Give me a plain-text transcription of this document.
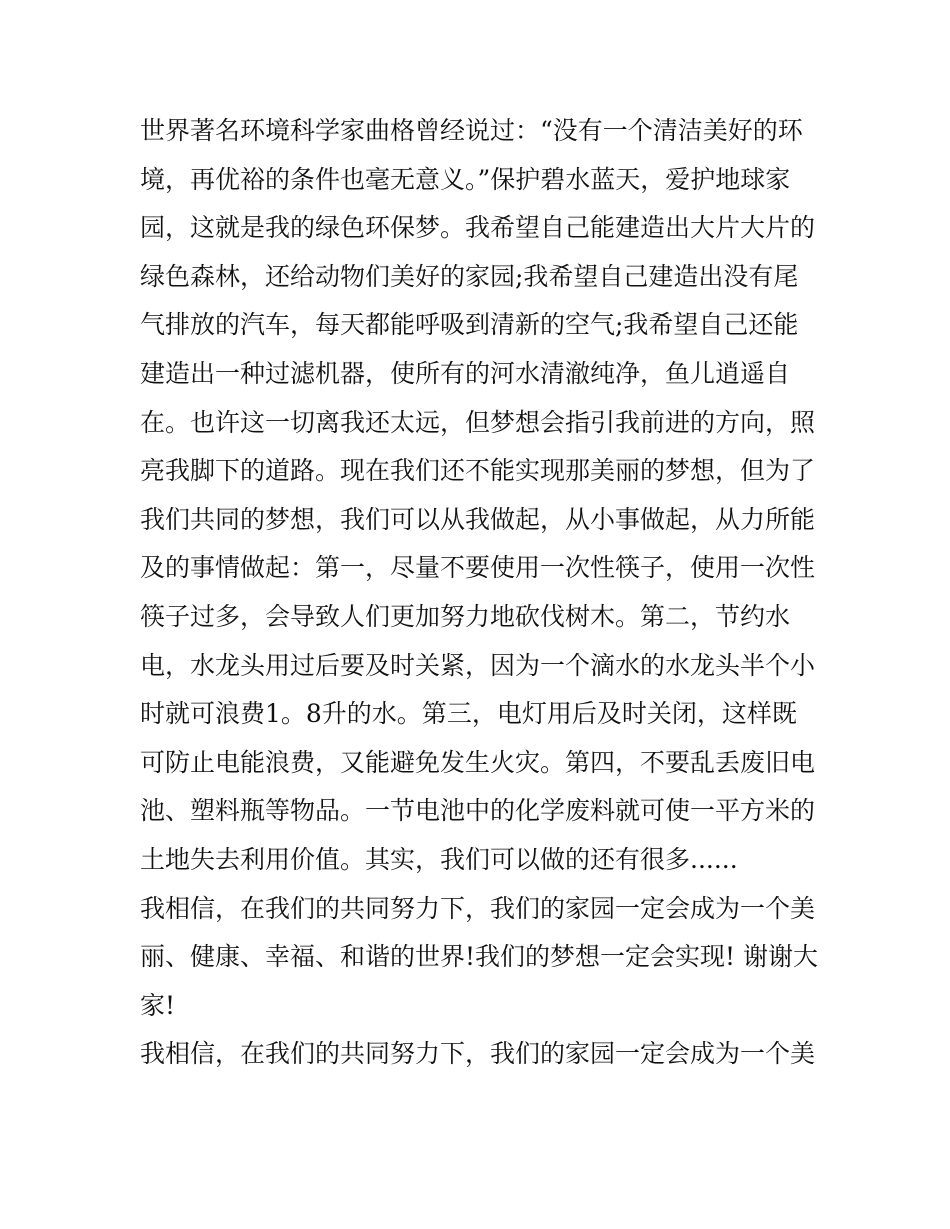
世界著名环境科学家曲格曾经说过：“没有一个清洁美好的环
境，再优裕的条件也毫无意义。”保护碧水蓝天，爱护地球家
园，这就是我的绿色环保梦。我希望自己能建造出大片大片的
绿色森林，还给动物们美好的家园;我希望自己建造出没有尾
气排放的汽车，每天都能呼吸到清新的空气;我希望自己还能
建造出一种过滤机器，使所有的河水清澈纯净，鱼儿逍遥自
在。也许这一切离我还太远，但梦想会指引我前进的方向，照
亮我脚下的道路。现在我们还不能实现那美丽的梦想，但为了
我们共同的梦想，我们可以从我做起，从小事做起，从力所能
及的事情做起：第一，尽量不要使用一次性筷子，使用一次性
筷子过多，会导致人们更加努力地砍伐树木。第二，节约水
电，水龙头用过后要及时关紧，因为一个滴水的水龙头半个小
时就可浪费1。8升的水。第三，电灯用后及时关闭，这样既
可防止电能浪费，又能避免发生火灾。第四，不要乱丢废旧电
池、塑料瓶等物品。一节电池中的化学废料就可使一平方米的
土地失去利用价值。其实，我们可以做的还有很多......
我相信，在我们的共同努力下，我们的家园一定会成为一个美
丽、健康、幸福、和谐的世界!我们的梦想一定会实现! 谢谢大
家!
我相信，在我们的共同努力下，我们的家园一定会成为一个美
